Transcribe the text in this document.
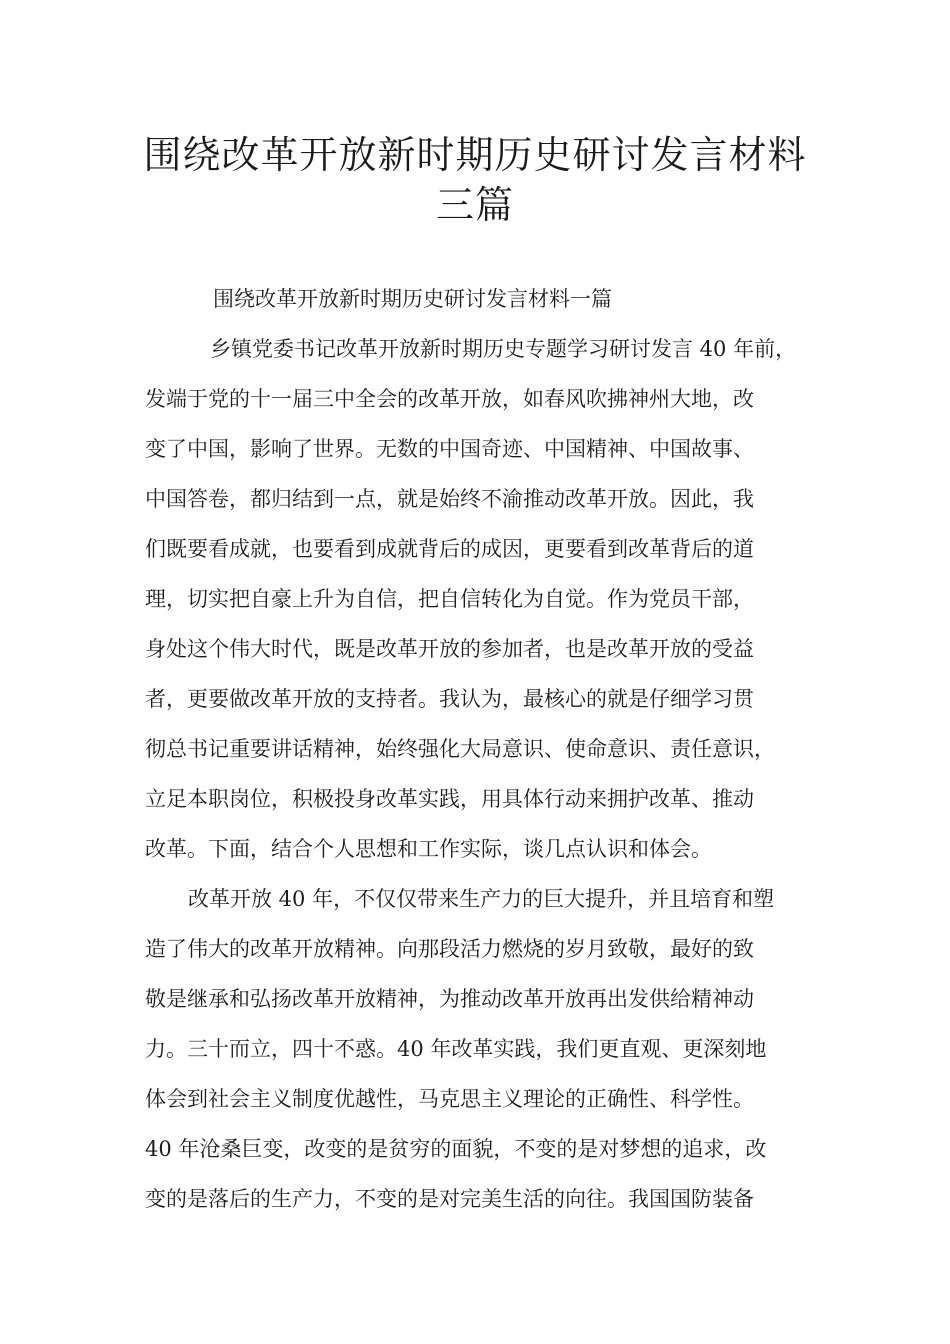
围绕改革开放新时期历史研讨发言材料
三篇

围绕改革开放新时期历史研讨发言材料一篇

乡镇党委书记改革开放新时期历史专题学习研讨发言 40 年前，

发端于党的十一届三中全会的改革开放，如春风吹拂神州大地，改

变了中国，影响了世界。无数的中国奇迹、中国精神、中国故事、

中国答卷，都归结到一点，就是始终不渝推动改革开放。因此，我

们既要看成就，也要看到成就背后的成因，更要看到改革背后的道

理，切实把自豪上升为自信，把自信转化为自觉。作为党员干部，

身处这个伟大时代，既是改革开放的参加者，也是改革开放的受益

者，更要做改革开放的支持者。我认为，最核心的就是仔细学习贯

彻总书记重要讲话精神，始终强化大局意识、使命意识、责任意识，

立足本职岗位，积极投身改革实践，用具体行动来拥护改革、推动

改革。下面，结合个人思想和工作实际，谈几点认识和体会。

改革开放 40 年，不仅仅带来生产力的巨大提升，并且培育和塑

造了伟大的改革开放精神。向那段活力燃烧的岁月致敬，最好的致

敬是继承和弘扬改革开放精神，为推动改革开放再出发供给精神动

力。三十而立，四十不惑。40 年改革实践，我们更直观、更深刻地

体会到社会主义制度优越性，马克思主义理论的正确性、科学性。

40 年沧桑巨变，改变的是贫穷的面貌，不变的是对梦想的追求，改

变的是落后的生产力，不变的是对完美生活的向往。我国国防装备
